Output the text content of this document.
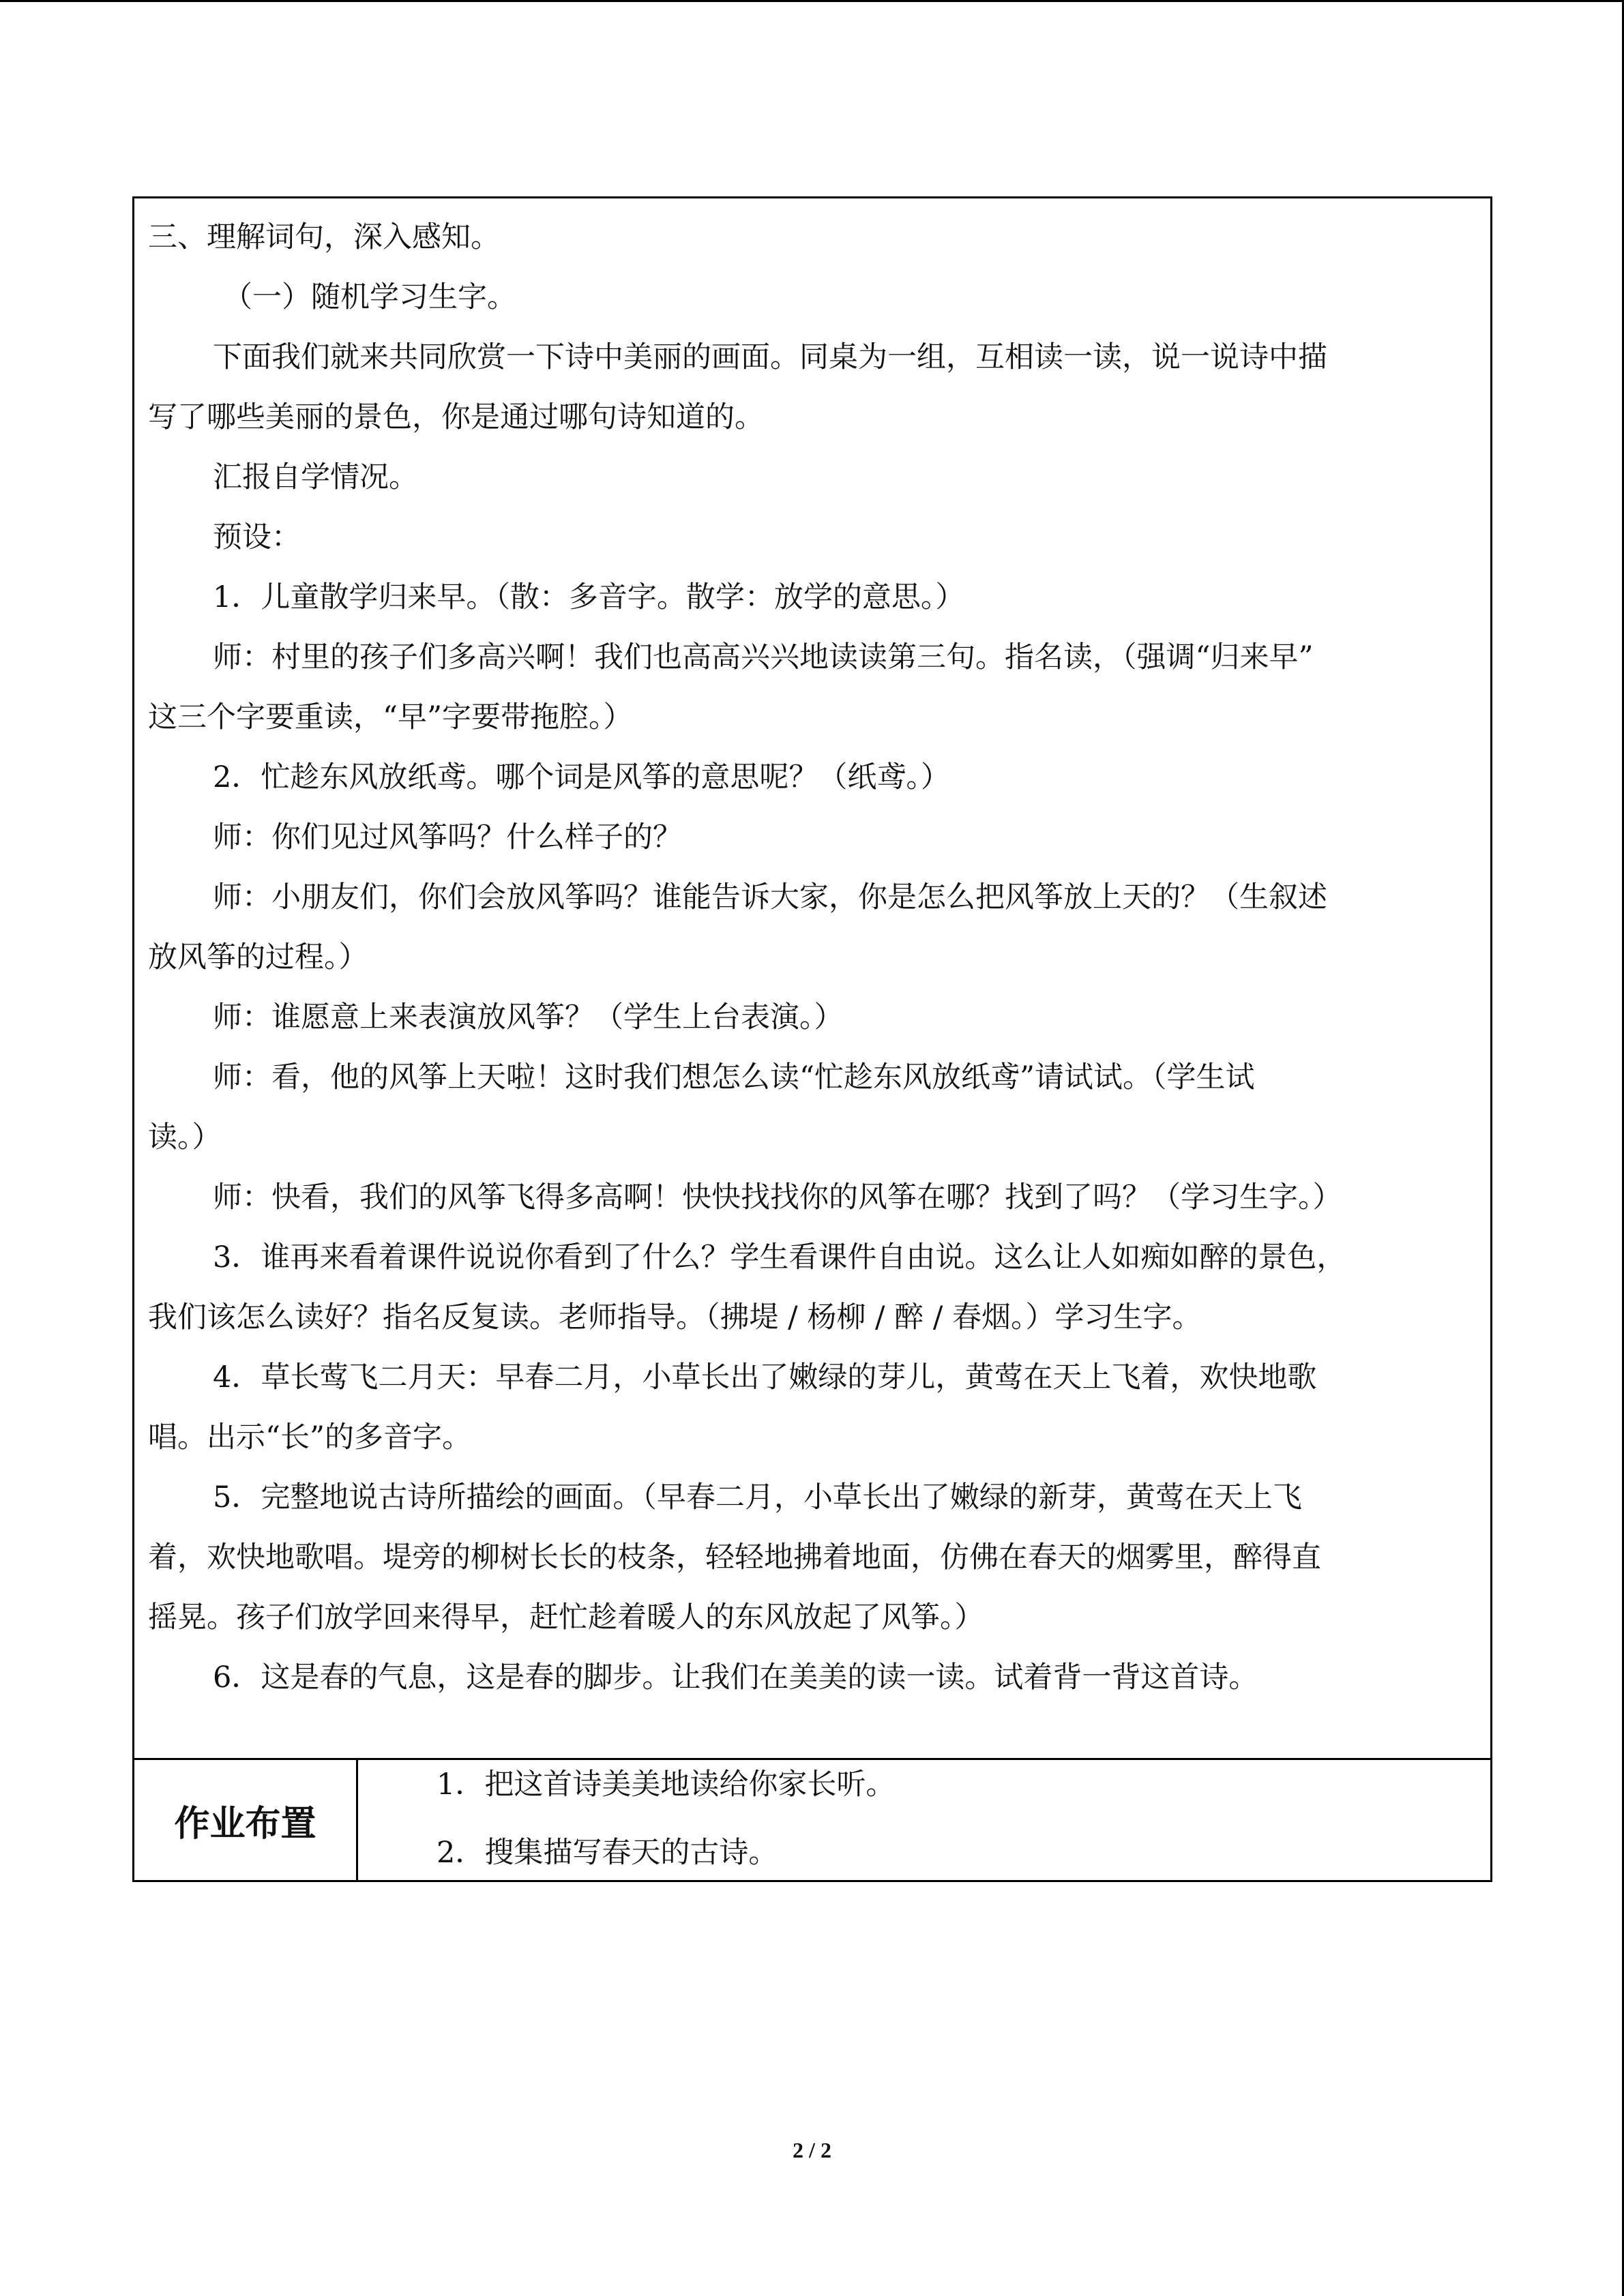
三、理解词句，深入感知。
（一）随机学习生字。
下面我们就来共同欣赏一下诗中美丽的画面。同桌为一组，互相读一读，说一说诗中描
写了哪些美丽的景色，你是通过哪句诗知道的。
汇报自学情况。
预设：
1．儿童散学归来早。（散：多音字。散学：放学的意思。）
师：村里的孩子们多高兴啊！我们也高高兴兴地读读第三句。指名读，（强调“归来早”
这三个字要重读，“早”字要带拖腔。）
2．忙趁东风放纸鸢。哪个词是风筝的意思呢？（纸鸢。）
师：你们见过风筝吗？什么样子的？
师：小朋友们，你们会放风筝吗？谁能告诉大家，你是怎么把风筝放上天的？（生叙述
放风筝的过程。）
师：谁愿意上来表演放风筝？（学生上台表演。）
师：看，他的风筝上天啦！这时我们想怎么读“忙趁东风放纸鸢”请试试。（学生试
读。）
师：快看，我们的风筝飞得多高啊！快快找找你的风筝在哪？找到了吗？（学习生字。）
3．谁再来看着课件说说你看到了什么？学生看课件自由说。这么让人如痴如醉的景色，
我们该怎么读好？指名反复读。老师指导。（拂堤 / 杨柳 / 醉 / 春烟。）学习生字。
4．草长莺飞二月天：早春二月，小草长出了嫩绿的芽儿，黄莺在天上飞着，欢快地歌
唱。出示“长”的多音字。
5．完整地说古诗所描绘的画面。（早春二月，小草长出了嫩绿的新芽，黄莺在天上飞
着，欢快地歌唱。堤旁的柳树长长的枝条，轻轻地拂着地面，仿佛在春天的烟雾里，醉得直
摇晃。孩子们放学回来得早，赶忙趁着暖人的东风放起了风筝。）
6．这是春的气息，这是春的脚步。让我们在美美的读一读。试着背一背这首诗。
作业布置
1．把这首诗美美地读给你家长听。
2．搜集描写春天的古诗。
2 / 2
